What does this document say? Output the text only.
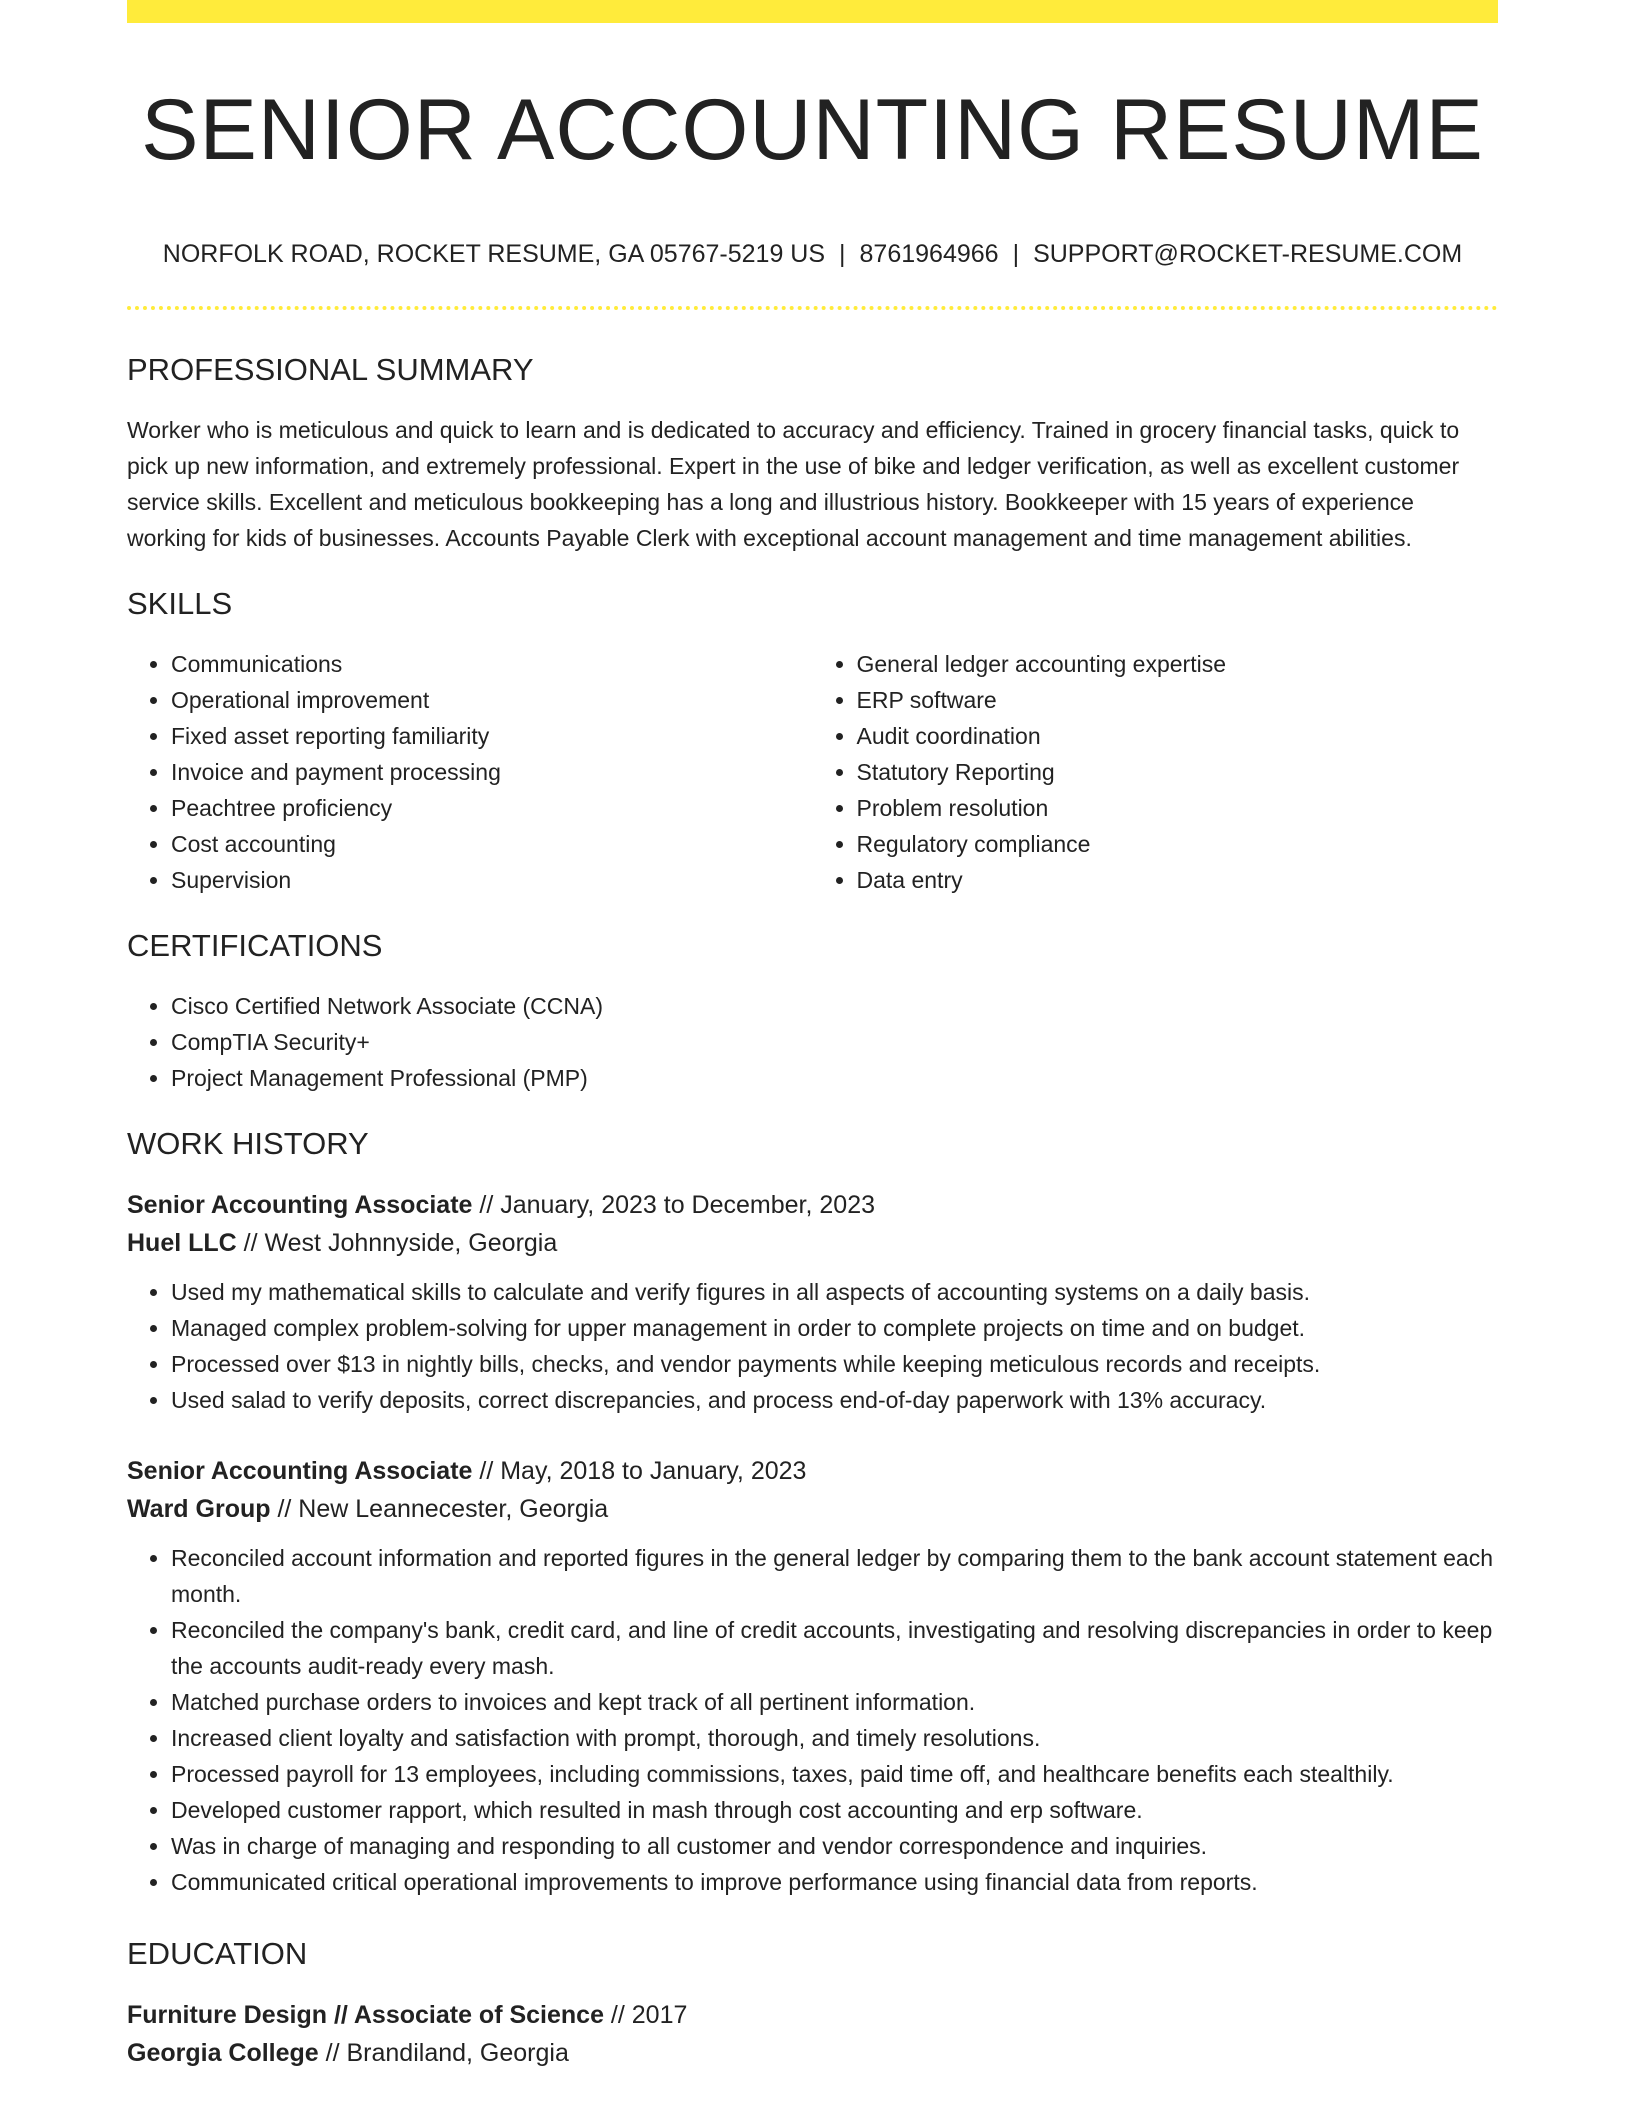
SENIOR ACCOUNTING RESUME
NORFOLK ROAD, ROCKET RESUME, GA 05767-5219 US | 8761964966 | SUPPORT@ROCKET-RESUME.COM
PROFESSIONAL SUMMARY

Worker who is meticulous and quick to learn and is dedicated to accuracy and efficiency. Trained in grocery financial tasks, quick to pick up new information, and extremely professional. Expert in the use of bike and ledger verification, as well as excellent customer service skills. Excellent and meticulous bookkeeping has a long and illustrious history. Bookkeeper with 15 years of experience working for kids of businesses. Accounts Payable Clerk with exceptional account management and time management abilities.

SKILLS
• Communications
• Operational improvement
• Fixed asset reporting familiarity
• Invoice and payment processing
• Peachtree proficiency
• Cost accounting
• Supervision
• General ledger accounting expertise
• ERP software
• Audit coordination
• Statutory Reporting
• Problem resolution
• Regulatory compliance
• Data entry
CERTIFICATIONS
• Cisco Certified Network Associate (CCNA)
• CompTIA Security+
• Project Management Professional (PMP)
WORK HISTORY
Senior Accounting Associate // January, 2023 to December, 2023
Huel LLC // West Johnnyside, Georgia
• Used my mathematical skills to calculate and verify figures in all aspects of accounting systems on a daily basis.
• Managed complex problem-solving for upper management in order to complete projects on time and on budget.
• Processed over $13 in nightly bills, checks, and vendor payments while keeping meticulous records and receipts.
• Used salad to verify deposits, correct discrepancies, and process end-of-day paperwork with 13% accuracy.
Senior Accounting Associate // May, 2018 to January, 2023
Ward Group // New Leannecester, Georgia
• Reconciled account information and reported figures in the general ledger by comparing them to the bank account statement each month.
• Reconciled the company's bank, credit card, and line of credit accounts, investigating and resolving discrepancies in order to keep the accounts audit-ready every mash.
• Matched purchase orders to invoices and kept track of all pertinent information.
• Increased client loyalty and satisfaction with prompt, thorough, and timely resolutions.
• Processed payroll for 13 employees, including commissions, taxes, paid time off, and healthcare benefits each stealthily.
• Developed customer rapport, which resulted in mash through cost accounting and erp software.
• Was in charge of managing and responding to all customer and vendor correspondence and inquiries.
• Communicated critical operational improvements to improve performance using financial data from reports.
EDUCATION
Furniture Design // Associate of Science // 2017
Georgia College // Brandiland, Georgia
